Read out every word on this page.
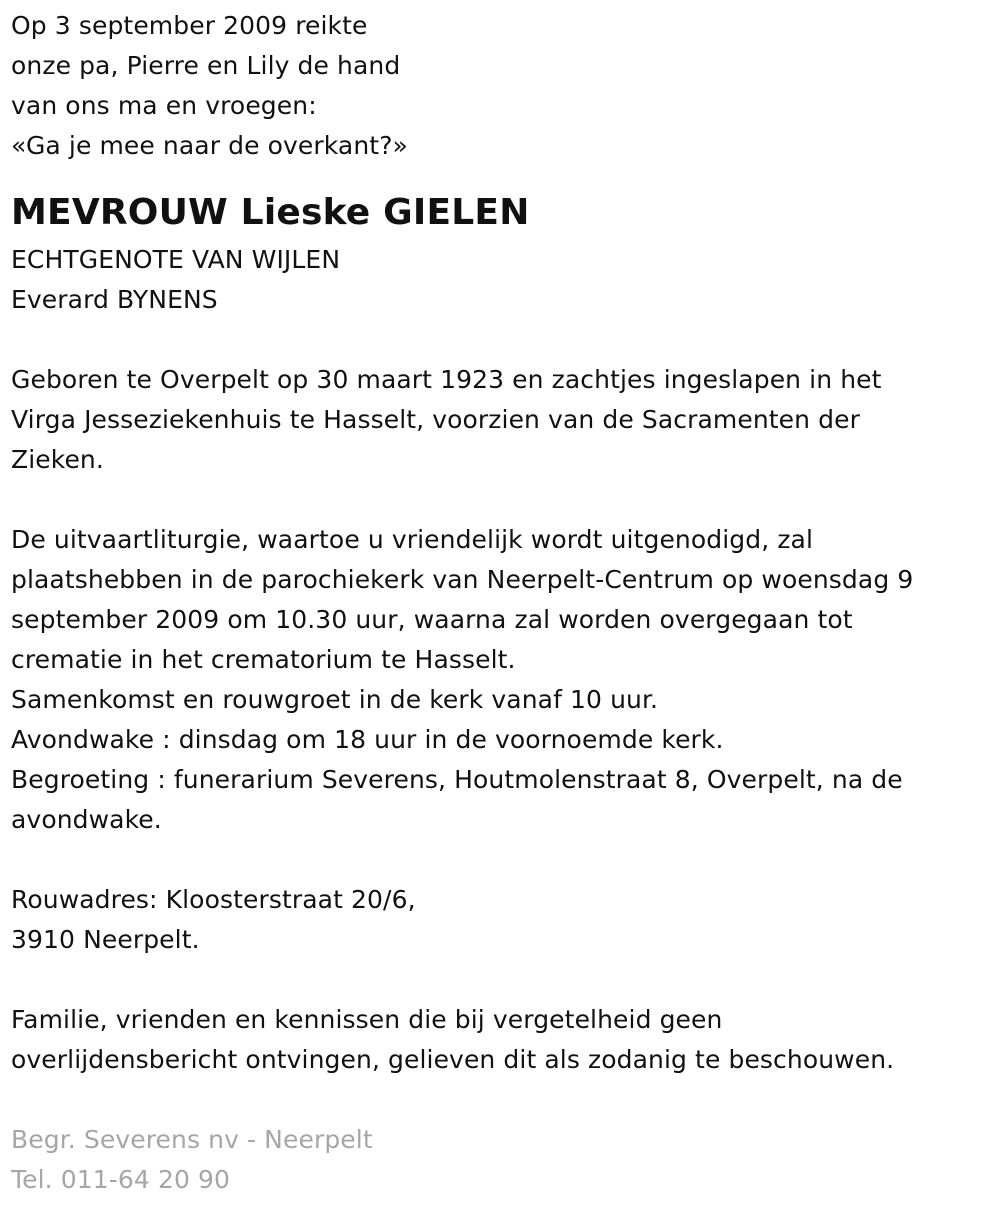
Op 3 september 2009 reikte
onze pa, Pierre en Lily de hand
van ons ma en vroegen:
«Ga je mee naar de overkant?»
MEVROUW Lieske GIELEN
ECHTGENOTE VAN WIJLEN
Everard BYNENS
Geboren te Overpelt op 30 maart 1923 en zachtjes ingeslapen in het
Virga Jesseziekenhuis te Hasselt, voorzien van de Sacramenten der
Zieken.
De uitvaartliturgie, waartoe u vriendelijk wordt uitgenodigd, zal
plaatshebben in de parochiekerk van Neerpelt-Centrum op woensdag 9
september 2009 om 10.30 uur, waarna zal worden overgegaan tot
crematie in het crematorium te Hasselt.
Samenkomst en rouwgroet in de kerk vanaf 10 uur.
Avondwake : dinsdag om 18 uur in de voornoemde kerk.
Begroeting : funerarium Severens, Houtmolenstraat 8, Overpelt, na de
avondwake.
Rouwadres: Kloosterstraat 20/6,
3910 Neerpelt.
Familie, vrienden en kennissen die bij vergetelheid geen
overlijdensbericht ontvingen, gelieven dit als zodanig te beschouwen.
Begr. Severens nv - Neerpelt
Tel. 011-64 20 90
